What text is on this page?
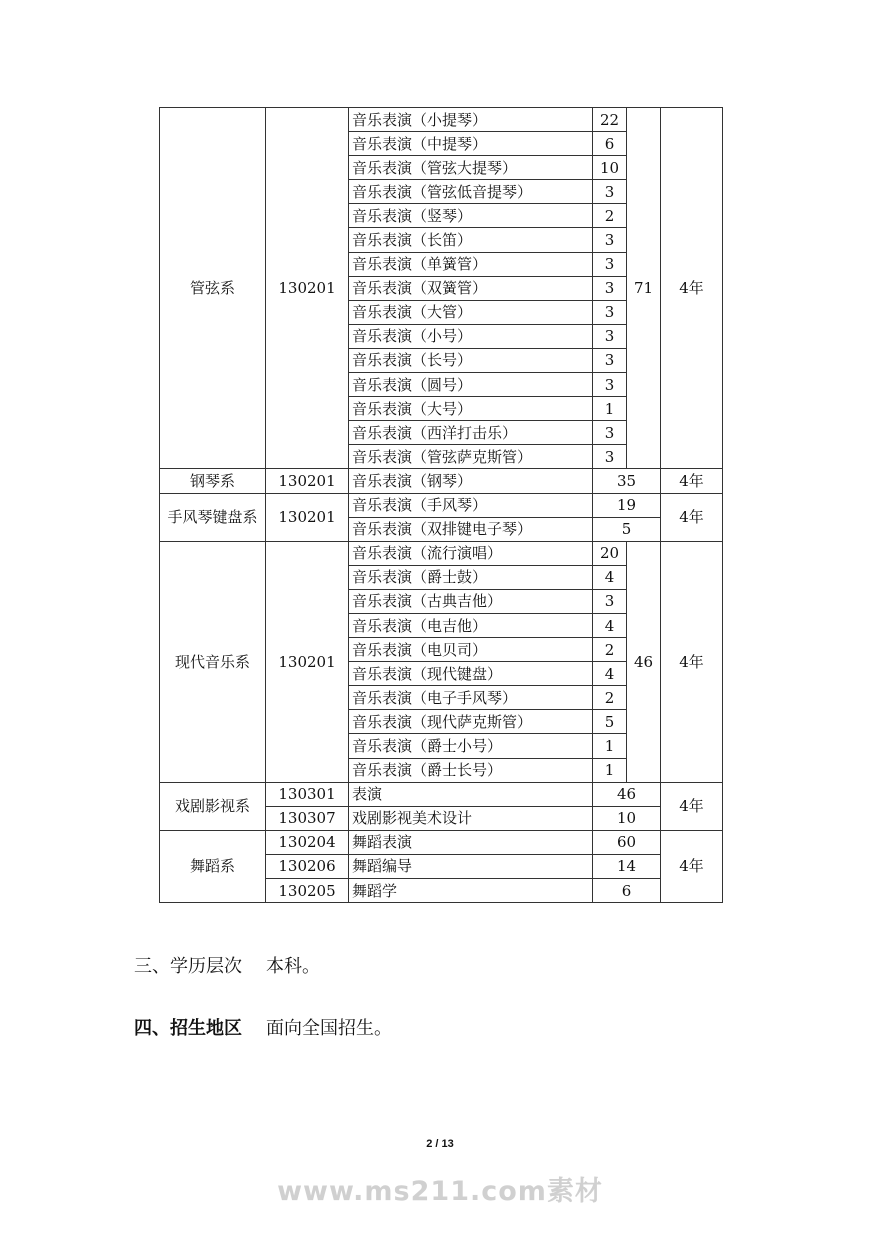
管弦系	130201	音乐表演（小提琴）	22	71	4年
		音乐表演（中提琴）	6		
		音乐表演（管弦大提琴）	10		
		音乐表演（管弦低音提琴）	3		
		音乐表演（竖琴）	2		
		音乐表演（长笛）	3		
		音乐表演（单簧管）	3		
		音乐表演（双簧管）	3		
		音乐表演（大管）	3		
		音乐表演（小号）	3		
		音乐表演（长号）	3		
		音乐表演（圆号）	3		
		音乐表演（大号）	1		
		音乐表演（西洋打击乐）	3		
		音乐表演（管弦萨克斯管）	3		
钢琴系	130201	音乐表演（钢琴）	35		4年
手风琴键盘系	130201	音乐表演（手风琴）	19		4年
		音乐表演（双排键电子琴）	5		
现代音乐系	130201	音乐表演（流行演唱）	20	46	4年
		音乐表演（爵士鼓）	4		
		音乐表演（古典吉他）	3		
		音乐表演（电吉他）	4		
		音乐表演（电贝司）	2		
		音乐表演（现代键盘）	4		
		音乐表演（电子手风琴）	2		
		音乐表演（现代萨克斯管）	5		
		音乐表演（爵士小号）	1		
		音乐表演（爵士长号）	1		
戏剧影视系	130301	表演	46		4年
	130307	戏剧影视美术设计	10		
舞蹈系	130204	舞蹈表演	60		4年
	130206	舞蹈编导	14		
	130205	舞蹈学	6		
三、学历层次 本科。
四、招生地区 面向全国招生。
2 / 13
www.ms211.com素材
